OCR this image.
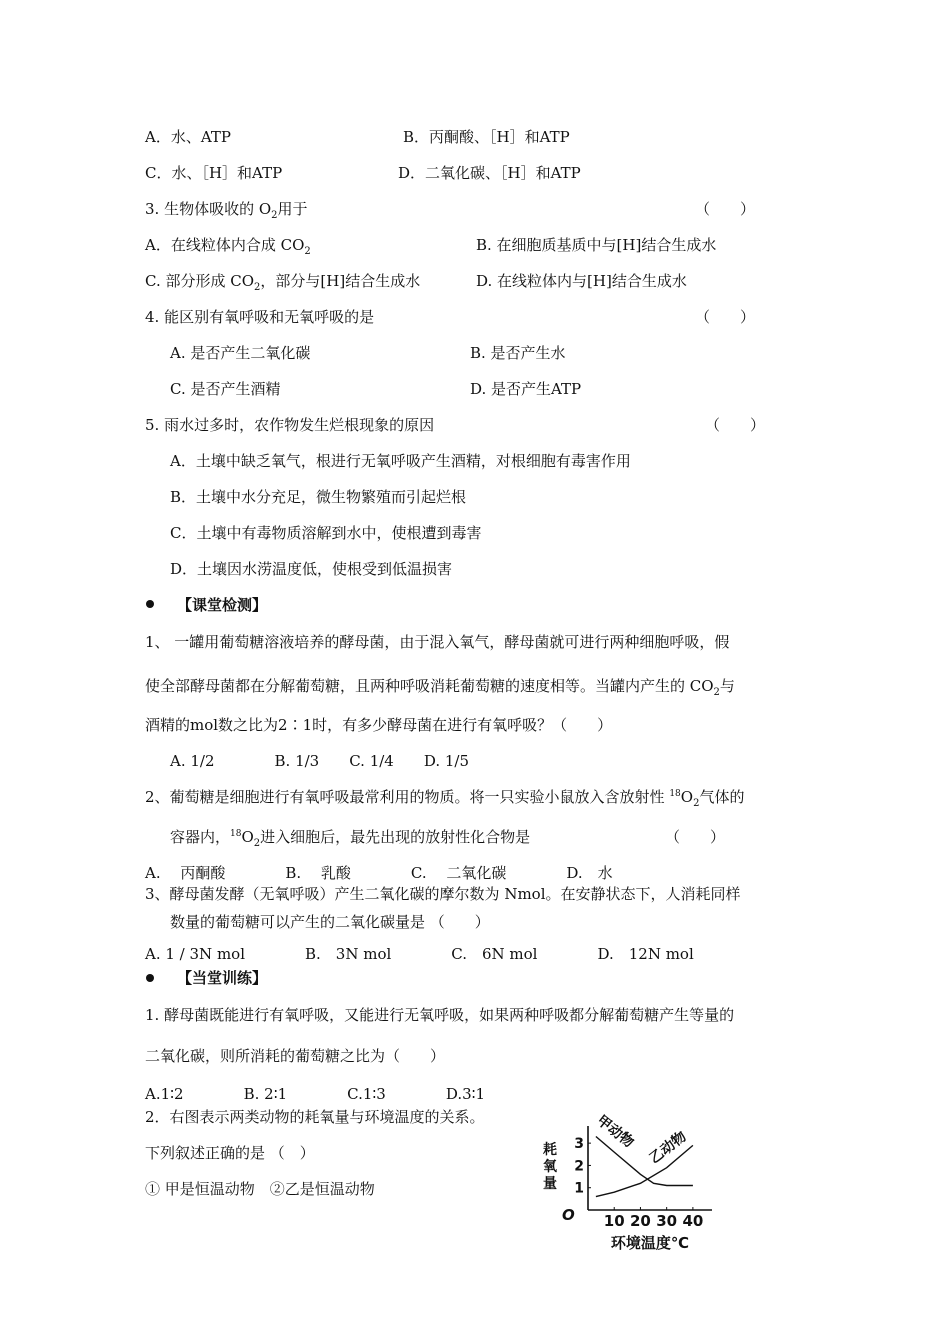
A．水、ATP	B．丙酮酸、［H］和ATP
C．水、［H］和ATP	D．二氧化碳、［H］和ATP
3. 生物体吸收的 $O_2$用于	（　　）
A．在线粒体内合成 $CO_2$	B. 在细胞质基质中与[H]结合生成水
C. 部分形成 $CO_2$，部分与[H]结合生成水	D. 在线粒体内与[H]结合生成水
4. 能区别有氧呼吸和无氧呼吸的是	（　　）
A. 是否产生二氧化碳	B. 是否产生水
C. 是否产生酒精	D. 是否产生ATP
5. 雨水过多时，农作物发生烂根现象的原因	（　　）
A．土壤中缺乏氧气，根进行无氧呼吸产生酒精，对根细胞有毒害作用
B．土壤中水分充足，微生物繁殖而引起烂根
C．土壤中有毒物质溶解到水中，使根遭到毒害
D．土壤因水涝温度低，使根受到低温损害
【课堂检测】
1、 一罐用葡萄糖溶液培养的酵母菌，由于混入氧气，酵母菌就可进行两种细胞呼吸，假
使全部酵母菌都在分解葡萄糖，且两种呼吸消耗葡萄糖的速度相等。当罐内产生的 $CO_2$与
酒精的mol数之比为2∶1时，有多少酵母菌在进行有氧呼吸？（　　）
A. 1/2　　　　B. 1/3　　C. 1/4　　D. 1/5
2、葡萄糖是细胞进行有氧呼吸最常利用的物质。将一只实验小鼠放入含放射性 $^{18}O_2$气体的
容器内，$^{18}O_2$进入细胞后，最先出现的放射性化合物是	（　　）
A.　 丙酮酸　　　　B.　 乳酸　　　　C.　 二氧化碳　　　　D.　水
3、酵母菌发酵（无氧呼吸）产生二氧化碳的摩尔数为 Nmol。在安静状态下，人消耗同样
数量的葡萄糖可以产生的二氧化碳量是 （　　）
A. 1 / 3N mol　　　　B.　3N mol　　　　C.　6N mol　　　　D.　12N mol
【当堂训练】
1. 酵母菌既能进行有氧呼吸，又能进行无氧呼吸，如果两种呼吸都分解葡萄糖产生等量的
二氧化碳，则所消耗的葡萄糖之比为（　　）
A.1∶2　　　　B. 2∶1　　　　C.1∶3　　　　D.3∶1
2．右图表示两类动物的耗氧量与环境温度的关系。
下列叙述正确的是 （　）
① 甲是恒温动物　②乙是恒温动物
10 20 30 40
1
2
3
O
耗
氧
量
环境温度℃
甲动物 乙动物
